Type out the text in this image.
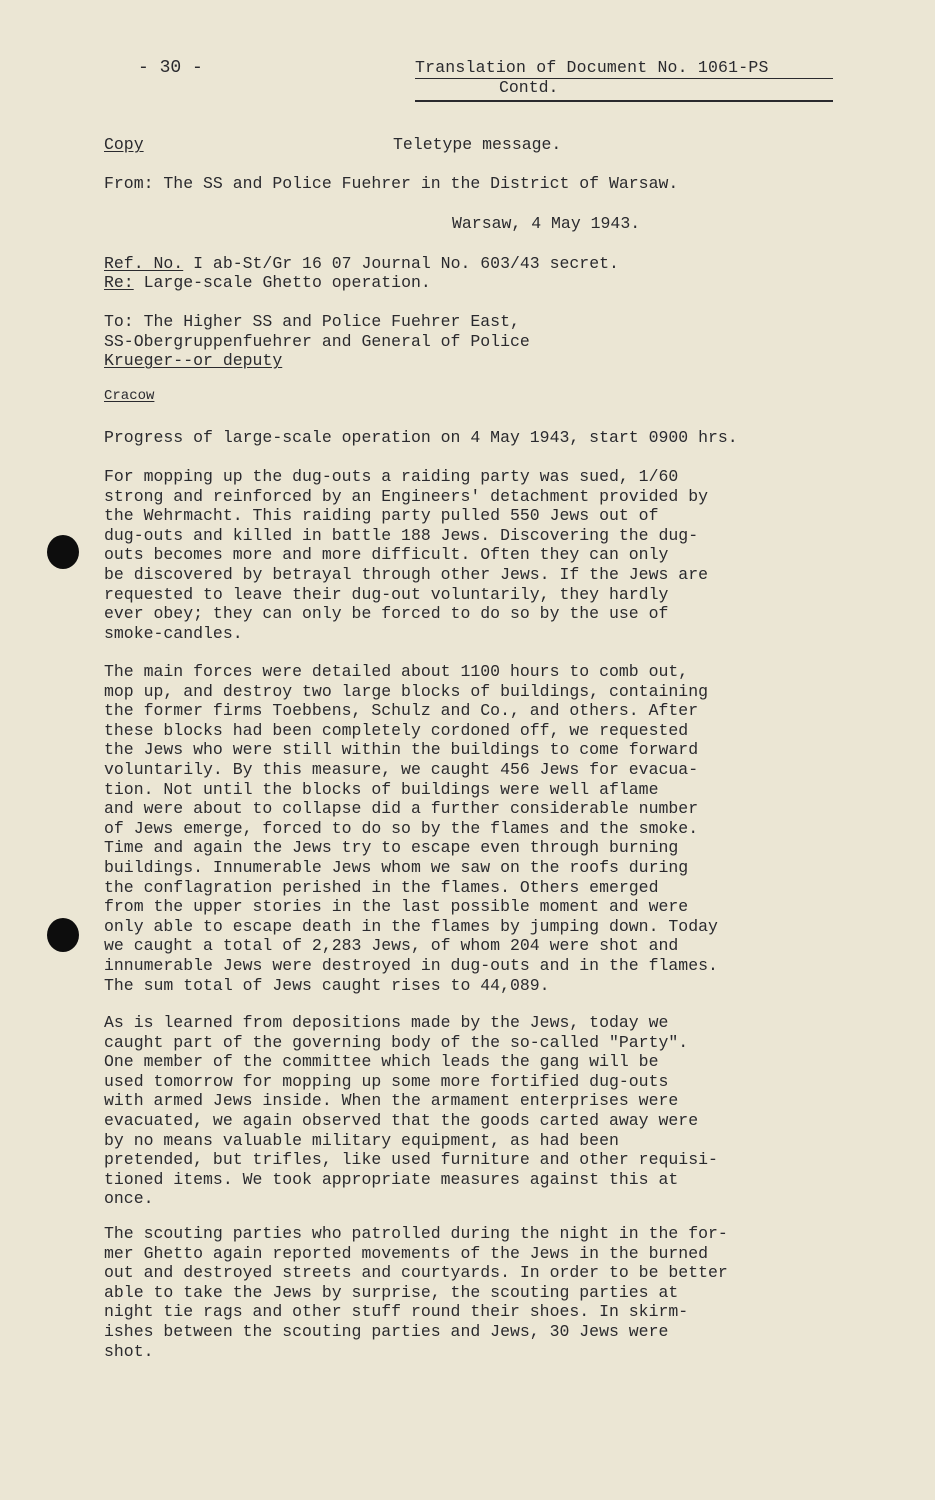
- 30 -	Translation of Document No. 1061-PS
Contd.
Copy	Teletype message.
From: The SS and Police Fuehrer in the District of Warsaw.
Warsaw, 4 May 1943.
Ref. No. I ab-St/Gr 16 07 Journal No. 603/43 secret.
Re: Large-scale Ghetto operation.
To: The Higher SS and Police Fuehrer East,
SS-Obergruppenfuehrer and General of Police
Krueger--or deputy
Cracow
Progress of large-scale operation on 4 May 1943, start 0900 hrs.
For mopping up the dug-outs a raiding party was sued, 1/60
strong and reinforced by an Engineers' detachment provided by
the Wehrmacht. This raiding party pulled 550 Jews out of
dug-outs and killed in battle 188 Jews. Discovering the dug-
outs becomes more and more difficult. Often they can only
be discovered by betrayal through other Jews. If the Jews are
requested to leave their dug-out voluntarily, they hardly
ever obey; they can only be forced to do so by the use of
smoke-candles.
The main forces were detailed about 1100 hours to comb out,
mop up, and destroy two large blocks of buildings, containing
the former firms Toebbens, Schulz and Co., and others. After
these blocks had been completely cordoned off, we requested
the Jews who were still within the buildings to come forward
voluntarily. By this measure, we caught 456 Jews for evacua-
tion. Not until the blocks of buildings were well aflame
and were about to collapse did a further considerable number
of Jews emerge, forced to do so by the flames and the smoke.
Time and again the Jews try to escape even through burning
buildings. Innumerable Jews whom we saw on the roofs during
the conflagration perished in the flames. Others emerged
from the upper stories in the last possible moment and were
only able to escape death in the flames by jumping down. Today
we caught a total of 2,283 Jews, of whom 204 were shot and
innumerable Jews were destroyed in dug-outs and in the flames.
The sum total of Jews caught rises to 44,089.
As is learned from depositions made by the Jews, today we
caught part of the governing body of the so-called "Party".
One member of the committee which leads the gang will be
used tomorrow for mopping up some more fortified dug-outs
with armed Jews inside. When the armament enterprises were
evacuated, we again observed that the goods carted away were
by no means valuable military equipment, as had been
pretended, but trifles, like used furniture and other requisi-
tioned items. We took appropriate measures against this at
once.
The scouting parties who patrolled during the night in the for-
mer Ghetto again reported movements of the Jews in the burned
out and destroyed streets and courtyards. In order to be better
able to take the Jews by surprise, the scouting parties at
night tie rags and other stuff round their shoes. In skirm-
ishes between the scouting parties and Jews, 30 Jews were
shot.
